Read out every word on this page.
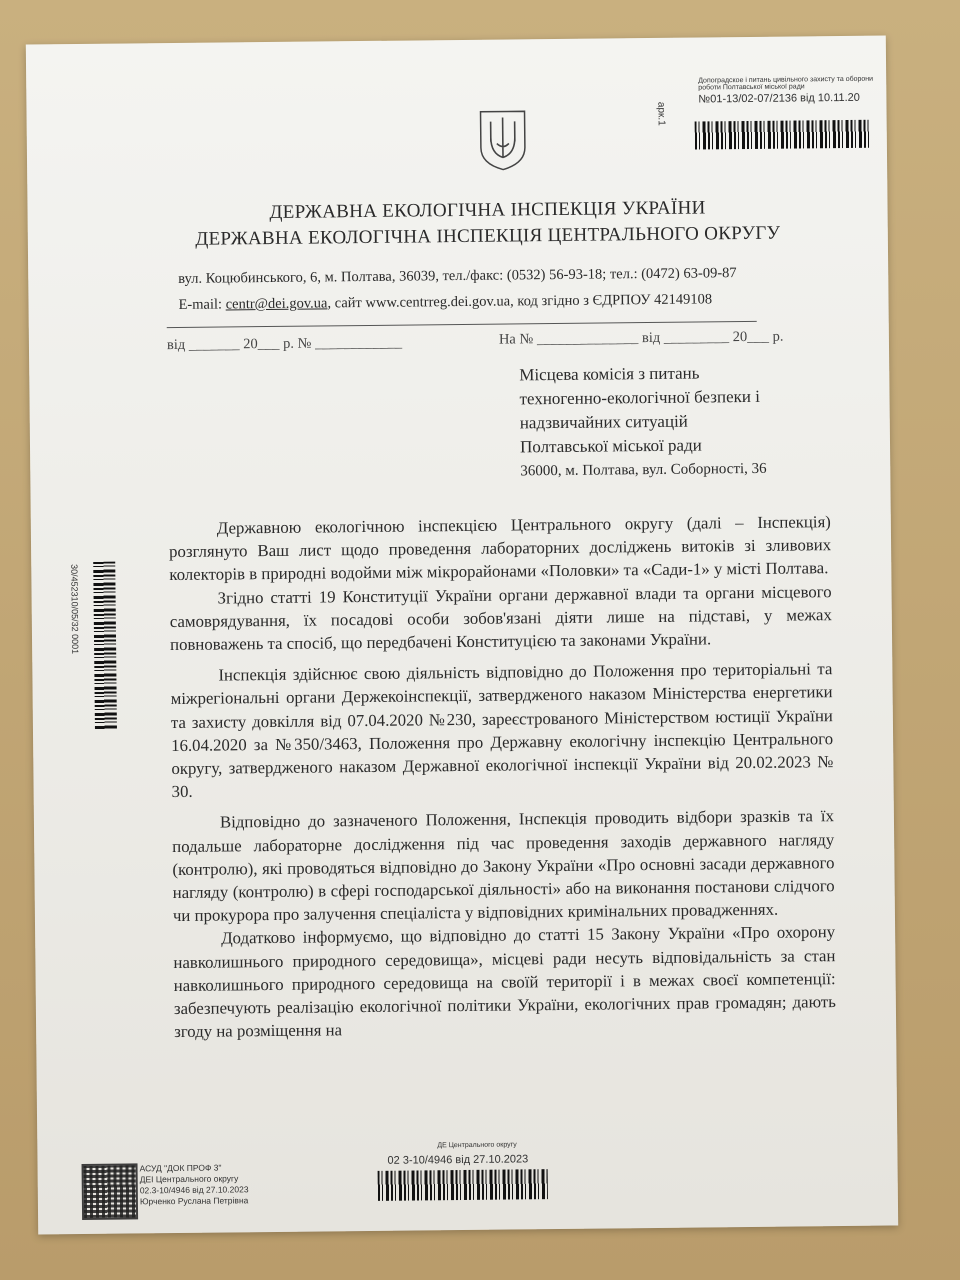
Допоградское і питань цивільного захисту та оборони
роботи Полтавської міської ради
№01-13/02-07/2136 від 10.11.20
арк.1
ДЕРЖАВНА ЕКОЛОГІЧНА ІНСПЕКЦІЯ УКРАЇНИ
ДЕРЖАВНА ЕКОЛОГІЧНА ІНСПЕКЦІЯ ЦЕНТРАЛЬНОГО ОКРУГУ
вул. Коцюбинського, 6, м. Полтава, 36039, тел./факс: (0532) 56-93-18; тел.: (0472) 63-09-87
E-mail: centr@dei.gov.ua, сайт www.centrreg.dei.gov.ua, код згідно з ЄДРПОУ 42149108
від _______ 20___ р. № ____________	На № ______________ від _________ 20___ р.
Місцева комісія з питань
техногенно-екологічної безпеки і
надзвичайних ситуацій
Полтавської міської ради
36000, м. Полтава, вул. Соборності, 36
30/452310/05/32 0001

Державною екологічною інспекцією Центрального округу (далі – Інспекція) розглянуто Ваш лист щодо проведення лабораторних досліджень витоків зі зливових колекторів в природні водойми між мікрорайонами «Половки» та «Сади-1» у місті Полтава.

Згідно статті 19 Конституції України органи державної влади та органи місцевого самоврядування, їх посадові особи зобов'язані діяти лише на підставі, у межах повноважень та спосіб, що передбачені Конституцією та законами України.

Інспекція здійснює свою діяльність відповідно до Положення про територіальні та міжрегіональні органи Держекоінспекції, затвердженого наказом Міністерства енергетики та захисту довкілля від 07.04.2020 №230, зареєстрованого Міністерством юстиції України 16.04.2020 за №350/3463, Положення про Державну екологічну інспекцію Центрального округу, затвердженого наказом Державної екологічної інспекції України від 20.02.2023 № 30.

Відповідно до зазначеного Положення, Інспекція проводить відбори зразків та їх подальше лабораторне дослідження під час проведення заходів державного нагляду (контролю), які проводяться відповідно до Закону України «Про основні засади державного нагляду (контролю) в сфері господарської діяльності» або на виконання постанови слідчого чи прокурора про залучення спеціаліста у відповідних кримінальних провадженнях.

Додатково інформуємо, що відповідно до статті 15 Закону України «Про охорону навколишнього природного середовища», місцеві ради несуть відповідальність за стан навколишнього природного середовища на своїй території і в межах своєї компетенції: забезпечують реалізацію екологічної політики України, екологічних прав громадян; дають згоду на розміщення на

АСУД "ДОК ПРОФ 3"
ДЕІ Центрального округу
02.3-10/4946 від 27.10.2023
Юрченко Руслана Петрівна
ДЕ Центрального округу
02 3-10/4946 від 27.10.2023
